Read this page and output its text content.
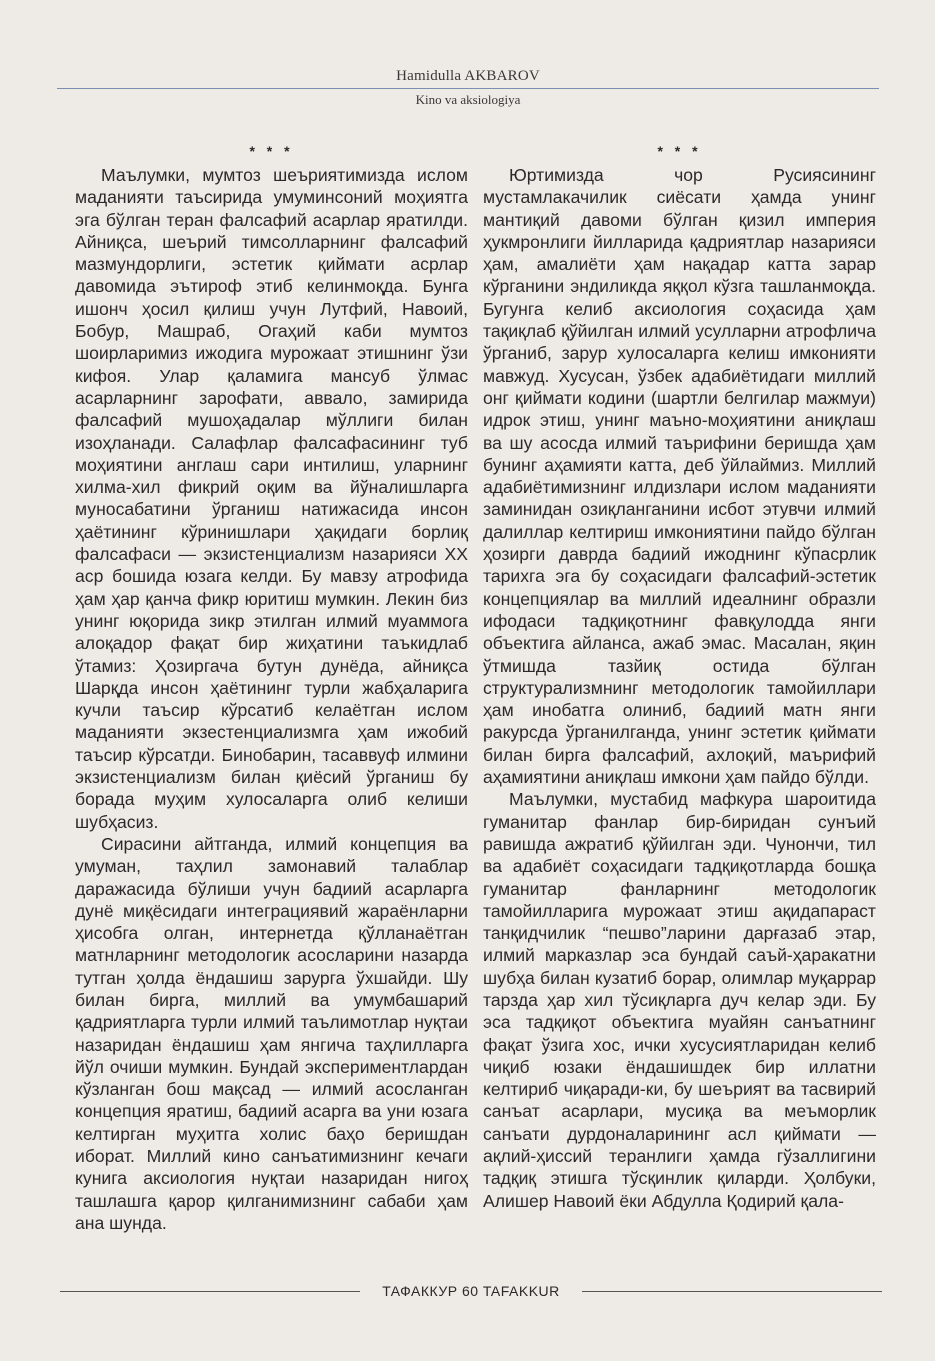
Hamidulla AKBAROV
Kino va aksiologiya
* * *

Маълумки, мумтоз шеъриятимизда ислом маданияти таъсирида умуминсоний моҳиятга эга бўлган теран фалсафий асарлар яратилди. Айниқса, шеърий тимсолларнинг фалсафий мазмундорлиги, эстетик қиймати асрлар давомида эътироф этиб келинмоқда. Бунга ишонч ҳосил қилиш учун Лутфий, Навоий, Бобур, Машраб, Огаҳий каби мумтоз шоирларимиз ижодига мурожаат этишнинг ўзи кифоя. Улар қаламига мансуб ўлмас асарларнинг зарофати, аввало, замирида фалсафий мушоҳадалар мўллиги билан изоҳланади. Салафлар фалсафасининг туб моҳиятини англаш сари интилиш, уларнинг хилма-хил фикрий оқим ва йўналишларга муносабатини ўрганиш натижасида инсон ҳаётининг кўринишлари ҳақидаги борлиқ фалсафаси — экзистенциализм назарияси XX аср бошида юзага келди. Бу мавзу атрофида ҳам ҳар қанча фикр юритиш мумкин. Лекин биз унинг юқорида зикр этилган илмий муаммога алоқадор фақат бир жиҳатини таъкидлаб ўтамиз: Ҳозиргача бутун дунёда, айниқса Шарқда инсон ҳаётининг турли жабҳаларига кучли таъсир кўрсатиб келаётган ислом маданияти экзестенциализмга ҳам ижобий таъсир кўрсатди. Бинобарин, тасаввуф илмини экзистенциализм билан қиёсий ўрганиш бу борада муҳим хулосаларга олиб келиши шубҳасиз.

Сирасини айтганда, илмий концепция ва умуман, таҳлил замонавий талаблар даражасида бўлиши учун бадиий асарларга дунё миқёсидаги интеграциявий жараёнларни ҳисобга олган, интернетда қўлланаётган матнларнинг методологик асосларини назарда тутган ҳолда ёндашиш зарурга ўхшайди. Шу билан бирга, миллий ва умумбашарий қадриятларга турли илмий таълимотлар нуқтаи назаридан ёндашиш ҳам янгича таҳлилларга йўл очиши мумкин. Бундай экспериментлардан кўзланган бош мақсад — илмий асосланган концепция яратиш, бадиий асарга ва уни юзага келтирган муҳитга холис баҳо беришдан иборат. Миллий кино санъатимизнинг кечаги кунига аксиология нуқтаи назаридан нигоҳ ташлашга қарор қилганимизнинг сабаби ҳам ана шунда.

* * *

Юртимизда чор Русиясининг мустамлакачилик сиёсати ҳамда унинг мантиқий давоми бўлган қизил империя ҳукмронлиги йилларида қадриятлар назарияси ҳам, амалиёти ҳам нақадар катта зарар кўрганини эндиликда яққол кўзга ташланмоқда. Бугунга келиб аксиология соҳасида ҳам тақиқлаб қўйилган илмий усулларни атрофлича ўрганиб, зарур хулосаларга келиш имконияти мавжуд. Хусусан, ўзбек адабиётидаги миллий онг қиймати кодини (шартли белгилар мажмуи) идрок этиш, унинг маъно-моҳиятини аниқлаш ва шу асосда илмий таърифини беришда ҳам бунинг аҳамияти катта, деб ўйлаймиз. Миллий адабиётимизнинг илдизлари ислом маданияти заминидан озиқланганини исбот этувчи илмий далиллар келтириш имкониятини пайдо бўлган ҳозирги даврда бадиий ижоднинг кўпасрлик тарихга эга бу соҳасидаги фалсафий-эстетик концепциялар ва миллий идеалнинг образли ифодаси тадқиқотнинг фавқулодда янги объектига айлансa, ажаб эмас. Масалан, яқин ўтмишда тазйиқ остида бўлган структурализмнинг методологик тамойиллари ҳам инобатга олиниб, бадиий матн янги ракурсда ўрганилганда, унинг эстетик қиймати билан бирга фалсафий, ахлоқий, маърифий аҳамиятини аниқлаш имкони ҳам пайдо бўлди.

Маълумки, мустабид мафкура шароитида гуманитар фанлар бир-биридан сунъий равишда ажратиб қўйилган эди. Чунончи, тил ва адабиёт соҳасидаги тадқиқотларда бошқа гуманитар фанларнинг методологик тамойилларига мурожаат этиш ақидапараст танқидчилик “пешво”ларини дарғазаб этар, илмий марказлар эса бундай саъй-ҳаракатни шубҳа билан кузатиб борар, олимлар муқаррар тарзда ҳар хил тўсиқларга дуч келар эди. Бу эса тадқиқот объектига муайян санъатнинг фақат ўзига хос, ички хусусиятларидан келиб чиқиб юзаки ёндашишдек бир иллатни келтириб чиқаради-ки, бу шеърият ва тасвирий санъат асарлари, мусиқа ва меъморлик санъати дурдоналарининг асл қиймати — ақлий-ҳиссий теранлиги ҳамда гўзаллигини тадқиқ этишга тўсқинлик қиларди. Ҳолбуки, Алишер Навоий ёки Абдулла Қодирий қала-

ТАФАККУР 60 TAFAKKUR
